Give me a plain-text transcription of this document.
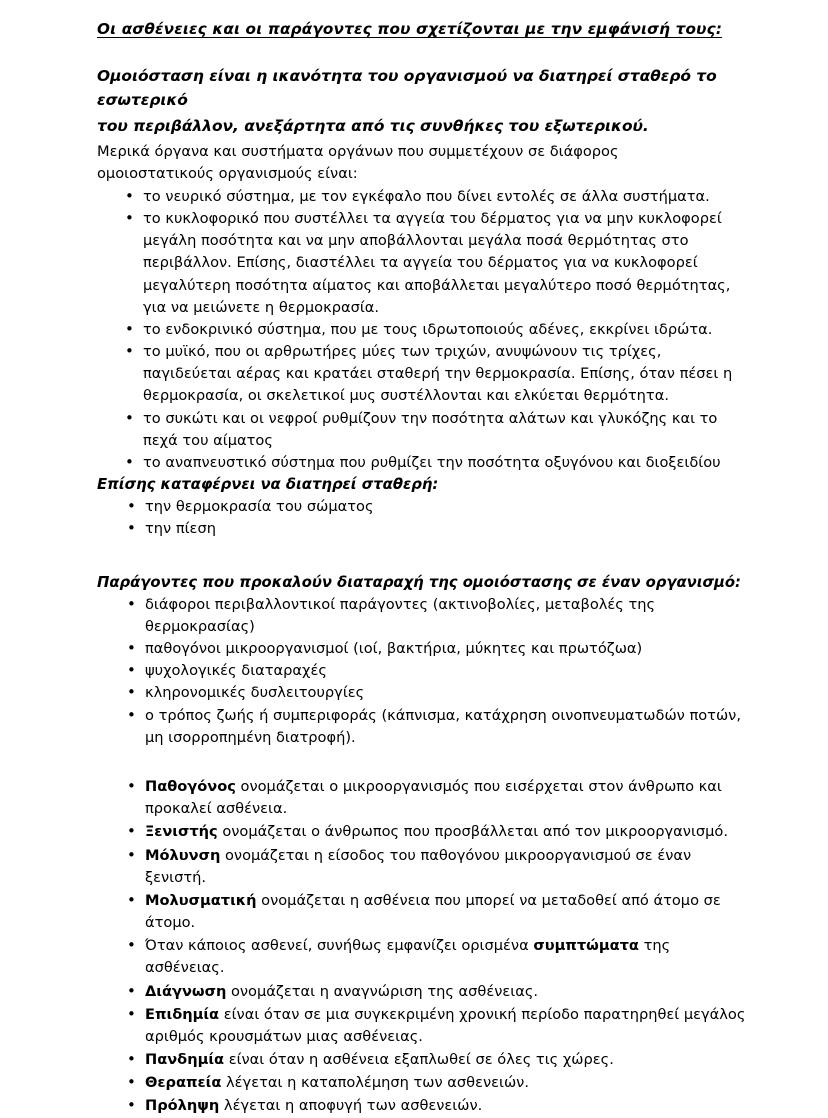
Οι ασθένειες και οι παράγοντες που σχετίζονται με την εμφάνισή τους:

Ομοιόσταση είναι η ικανότητα του οργανισμού να διατηρεί σταθερό το εσωτερικό

του περιβάλλον, ανεξάρτητα από τις συνθήκες του εξωτερικού.

Μερικά όργανα και συστήματα οργάνων που συμμετέχουν σε διάφορος ομοιοστατικούς οργανισμούς είναι:

• το νευρικό σύστημα, με τον εγκέφαλο που δίνει εντολές σε άλλα συστήματα.
• το κυκλοφορικό που συστέλλει τα αγγεία του δέρματος για να μην κυκλοφορεί μεγάλη ποσότητα και να μην αποβάλλονται μεγάλα ποσά θερμότητας στο περιβάλλον. Επίσης, διαστέλλει τα αγγεία του δέρματος για να κυκλοφορεί μεγαλύτερη ποσότητα αίματος και αποβάλλεται μεγαλύτερο ποσό θερμότητας, για να μειώνετε η θερμοκρασία.
• το ενδοκρινικό σύστημα, που με τους ιδρωτοποιούς αδένες, εκκρίνει ιδρώτα.
• το μυϊκό, που οι αρθρωτήρες μύες των τριχών, ανυψώνουν τις τρίχες, παγιδεύεται αέρας και κρατάει σταθερή την θερμοκρασία. Επίσης, όταν πέσει η θερμοκρασία, οι σκελετικοί μυς συστέλλονται και ελκύεται θερμότητα.
• το συκώτι και οι νεφροί ρυθμίζουν την ποσότητα αλάτων και γλυκόζης και το πεχά του αίματος
• το αναπνευστικό σύστημα που ρυθμίζει την ποσότητα οξυγόνου και διοξειδίου

Επίσης καταφέρνει να διατηρεί σταθερή:

• την θερμοκρασία του σώματος
• την πίεση

Παράγοντες που προκαλούν διαταραχή της ομοιόστασης σε έναν οργανισμό:

• διάφοροι περιβαλλοντικοί παράγοντες (ακτινοβολίες, μεταβολές της θερμοκρασίας)
• παθογόνοι μικροοργανισμοί (ιοί, βακτήρια, μύκητες και πρωτόζωα)
• ψυχολογικές διαταραχές
• κληρονομικές δυσλειτουργίες
• ο τρόπος ζωής ή συμπεριφοράς (κάπνισμα, κατάχρηση οινοπνευματωδών ποτών, μη ισορροπημένη διατροφή).
• Παθογόνος ονομάζεται ο μικροοργανισμός που εισέρχεται στον άνθρωπο και προκαλεί ασθένεια.
• Ξενιστής ονομάζεται ο άνθρωπος που προσβάλλεται από τον μικροοργανισμό.
• Μόλυνση ονομάζεται η είσοδος του παθογόνου μικροοργανισμού σε έναν ξενιστή.
• Μολυσματική ονομάζεται η ασθένεια που μπορεί να μεταδοθεί από άτομο σε άτομο.
• Όταν κάποιος ασθενεί, συνήθως εμφανίζει ορισμένα συμπτώματα της ασθένειας.
• Διάγνωση ονομάζεται η αναγνώριση της ασθένειας.
• Επιδημία είναι όταν σε μια συγκεκριμένη χρονική περίοδο παρατηρηθεί μεγάλος αριθμός κρουσμάτων μιας ασθένειας.
• Πανδημία είναι όταν η ασθένεια εξαπλωθεί σε όλες τις χώρες.
• Θεραπεία λέγεται η καταπολέμηση των ασθενειών.
• Πρόληψη λέγεται η αποφυγή των ασθενειών.
